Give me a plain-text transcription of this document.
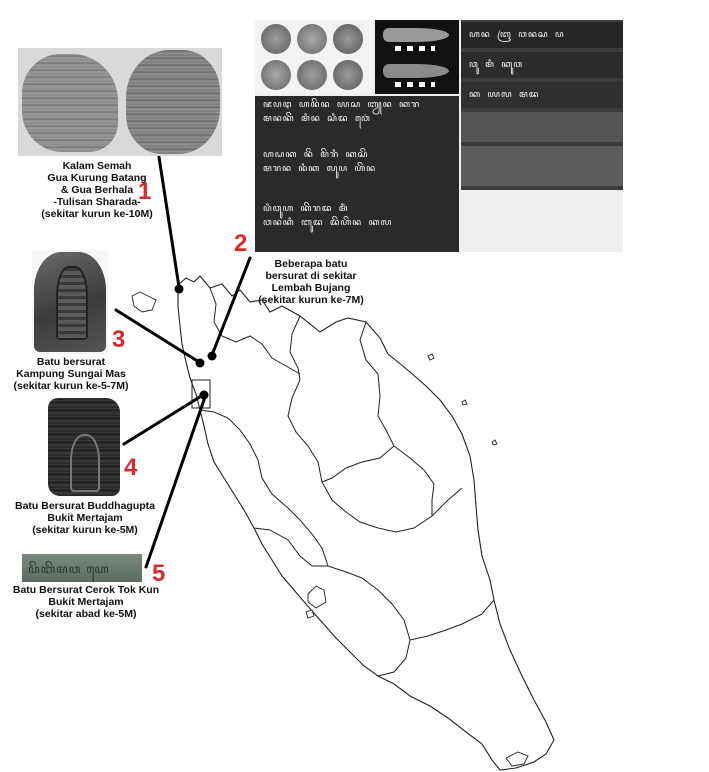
ꦗꦥꦛ ꦲꦤꦼꦤ ꦪꦱ ꦧꦾꦤ ꦏꦫ
ꦩꦤꦏꦼ ꦩꦶꦤ ꦱꦶꦢ ꦮꦺꦁ
ꦲꦝꦏ ꦤꦼꦁ ꦩꦼꦫꦶ ꦏꦱꦼ
ꦩꦫꦤ ꦤꦶꦏ ꦭꦸꦥ ꦲꦼꦤ
ꦥꦶꦮꦸꦲ ꦏꦼꦫꦢ ꦩꦶꦁ
ꦮꦤꦏꦶ ꦧꦸꦢ ꦢꦼꦲꦼꦤ ꦏꦭ
ꦲꦤ ꦧꦿ ꦮꦤꦱ ꦥ
ꦮꦸ ꦩꦶ ꦏꦸꦮ
ꦏ ꦪꦭ ꦩꦢ
ꦥꦼꦧꦼꦩꦮ ꦲꦺ
1
2
3
4
5
Kalam Semah
Gua Kurung Batang
& Gua Berhala
-Tulisan Sharada-
(sekitar kurun ke-10M)
Beberapa batu
bersurat di sekitar
Lembah Bujang
(sekitar kurun ke-7M)
Batu bersurat
Kampung Sungai Mas
(sekitar kurun ke-5-7M)
Batu Bersurat Buddhagupta
Bukit Mertajam
(sekitar kurun ke-5M)
Batu Bersurat Cerok Tok Kun
Bukit Mertajam
(sekitar abad ke-5M)
